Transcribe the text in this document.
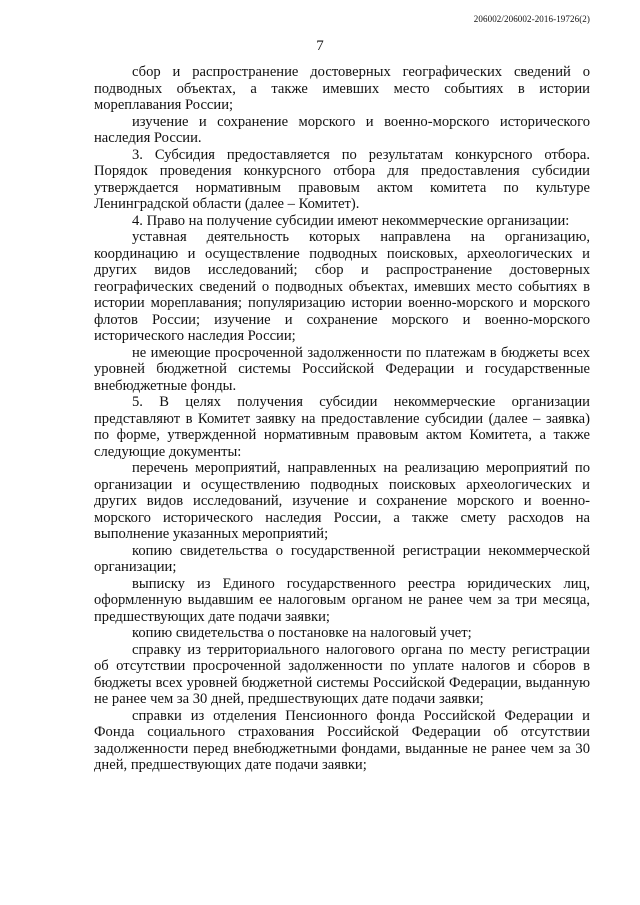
206002/206002-2016-19726(2)
7

сбор и распространение достоверных географических сведений о подводных объектах, а также имевших место событиях в истории мореплавания России;

изучение и сохранение морского и военно-морского исторического наследия России.

3. Субсидия предоставляется по результатам конкурсного отбора. Порядок проведения конкурсного отбора для предоставления субсидии утверждается нормативным правовым актом комитета по культуре Ленинградской области (далее – Комитет).

4. Право на получение субсидии имеют некоммерческие организации:

уставная деятельность которых направлена на организацию, координацию и осуществление подводных поисковых, археологических и других видов исследований; сбор и распространение достоверных географических сведений о подводных объектах, имевших место событиях в истории мореплавания; популяризацию истории военно-морского и морского флотов России; изучение и сохранение морского и военно-морского исторического наследия России;

не имеющие просроченной задолженности по платежам в бюджеты всех уровней бюджетной системы Российской Федерации и государственные внебюджетные фонды.

5. В целях получения субсидии некоммерческие организации представляют в Комитет заявку на предоставление субсидии (далее – заявка) по форме, утвержденной нормативным правовым актом Комитета, а также следующие документы:

перечень мероприятий, направленных на реализацию мероприятий по организации и осуществлению подводных поисковых археологических и других видов исследований, изучение и сохранение морского и военно-морского исторического наследия России, а также смету расходов на выполнение указанных мероприятий;

копию свидетельства о государственной регистрации некоммерческой организации;

выписку из Единого государственного реестра юридических лиц, оформленную выдавшим ее налоговым органом не ранее чем за три месяца, предшествующих дате подачи заявки;

копию свидетельства о постановке на налоговый учет;

справку из территориального налогового органа по месту регистрации об отсутствии просроченной задолженности по уплате налогов и сборов в бюджеты всех уровней бюджетной системы Российской Федерации, выданную не ранее чем за 30 дней, предшествующих дате подачи заявки;

справки из отделения Пенсионного фонда Российской Федерации и Фонда социального страхования Российской Федерации об отсутствии задолженности перед внебюджетными фондами, выданные не ранее чем за 30 дней, предшествующих дате подачи заявки;
